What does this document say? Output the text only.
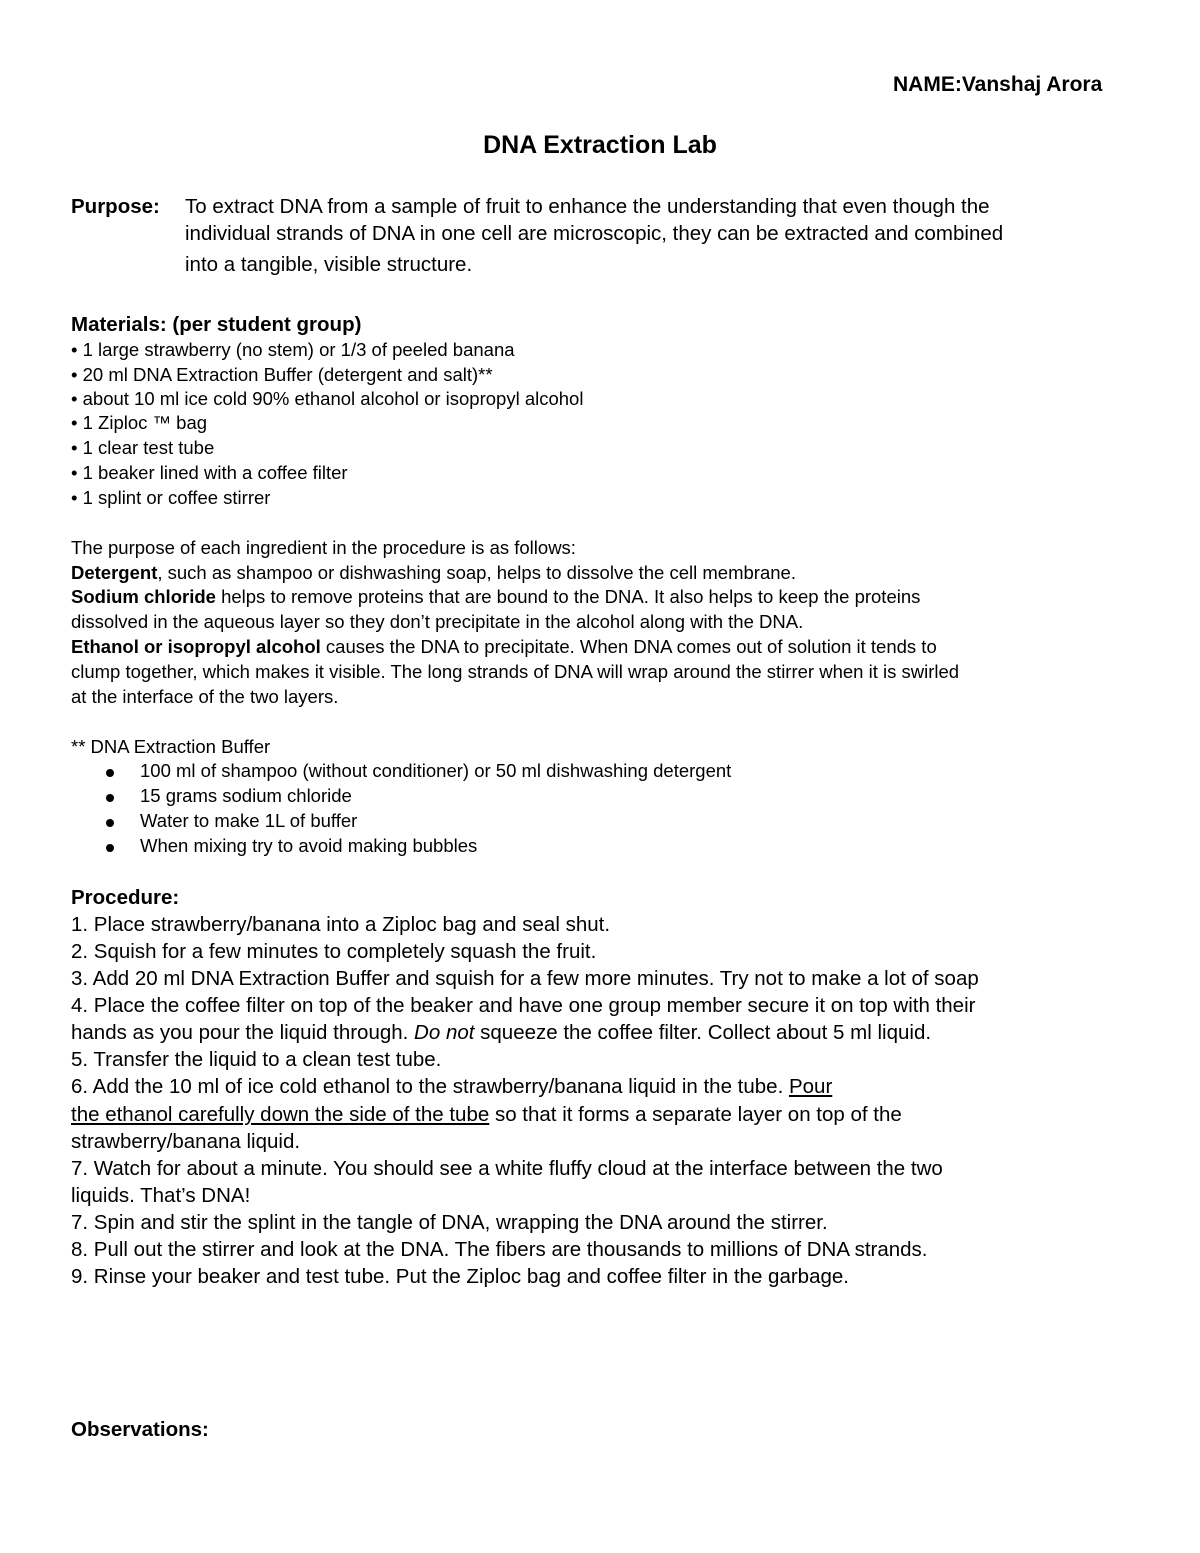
NAME:Vanshaj Arora
DNA Extraction Lab
Purpose: To extract DNA from a sample of fruit to enhance the understanding that even though the
individual strands of DNA in one cell are microscopic, they can be extracted and combined
into a tangible, visible structure.
Materials: (per student group)
• 1 large strawberry (no stem) or 1/3 of peeled banana
• 20 ml DNA Extraction Buffer (detergent and salt)**
• about 10 ml ice cold 90% ethanol alcohol or isopropyl alcohol
• 1 Ziploc ™ bag
• 1 clear test tube
• 1 beaker lined with a coffee filter
• 1 splint or coffee stirrer
The purpose of each ingredient in the procedure is as follows:
Detergent, such as shampoo or dishwashing soap, helps to dissolve the cell membrane.
Sodium chloride helps to remove proteins that are bound to the DNA. It also helps to keep the proteins
dissolved in the aqueous layer so they don’t precipitate in the alcohol along with the DNA.
Ethanol or isopropyl alcohol causes the DNA to precipitate. When DNA comes out of solution it tends to
clump together, which makes it visible. The long strands of DNA will wrap around the stirrer when it is swirled
at the interface of the two layers.
** DNA Extraction Buffer
100 ml of shampoo (without conditioner) or 50 ml dishwashing detergent
15 grams sodium chloride
Water to make 1L of buffer
When mixing try to avoid making bubbles
Procedure:
1. Place strawberry/banana into a Ziploc bag and seal shut.
2. Squish for a few minutes to completely squash the fruit.
3. Add 20 ml DNA Extraction Buffer and squish for a few more minutes. Try not to make a lot of soap
4. Place the coffee filter on top of the beaker and have one group member secure it on top with their
hands as you pour the liquid through. Do not squeeze the coffee filter. Collect about 5 ml liquid.
5. Transfer the liquid to a clean test tube.
6. Add the 10 ml of ice cold ethanol to the strawberry/banana liquid in the tube. Pour
the ethanol carefully down the side of the tube so that it forms a separate layer on top of the
strawberry/banana liquid.
7. Watch for about a minute. You should see a white fluffy cloud at the interface between the two
liquids. That’s DNA!
7. Spin and stir the splint in the tangle of DNA, wrapping the DNA around the stirrer.
8. Pull out the stirrer and look at the DNA. The fibers are thousands to millions of DNA strands.
9. Rinse your beaker and test tube. Put the Ziploc bag and coffee filter in the garbage.
Observations:
